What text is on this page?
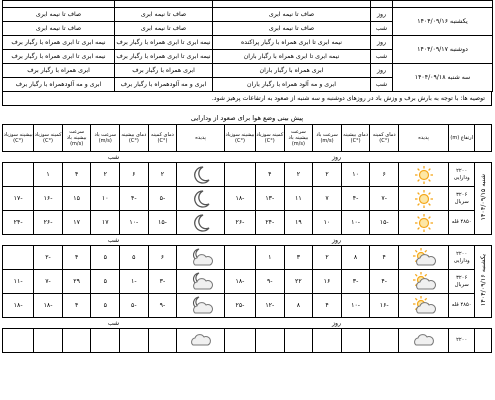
صاف تا نیمه ابری	صاف تا نیمه ابری	صاف تا نیمه ابری	روز	یکشنبه ۱۴۰۴/۰۹/۱۶
صاف تا نیمه ابری	صاف تا نیمه ابری	صاف تا نیمه ابری	شب	
نیمه ابری تا ابری همراه با رگبار برف	نیمه ابری تا ابری همراه با رگبار برف	نیمه ابری تا ابری همراه با رگبار پراکنده	روز	دوشنبه ۱۴۰۴/۰۹/۱۷
نیمه ابری تا ابری همراه با رگبار برف	نیمه ابری تا ابری همراه با رگبار برف	نیمه ابری تا ابری همراه با رگبار باران	شب	
ابری همراه با رگبار برف	ابری همراه با رگبار برف	ابری همراه با رگبار باران	روز	سه شنبه ۱۴۰۴/۰۹/۱۸
ابری و مه آلودهمراه با رگبار برف	ابری و مه آلودهمراه با رگبار برف	ابری و مه آلود همراه با رگبار باران	شب	
توصیه ها: با توجه به بارش برف و وزش باد در روزهای دوشنبه و سه شنبه از صعود به ارتفاعات پرهیز شود.
پیش بینی وضع هوا برای صعود از ودارایی
	ارتفاع (m)	پدیده	دمای کمینه (°C)	دمای بیشینه (°C)	سرعت باد (m/s)	سرعت بیشینه باد (m/s)	کمینه سوزباد (°C)	بیشینه سوزباد (°C)	پدیده	دمای کمینه (°C)	دمای بیشینه (°C)	سرعت باد (m/s)	سرعت بیشینه باد (m/s)	کمینه سوزباد (°C)	بیشینه سوزباد (°C)
		روز							شب						
شنبه ۱۴۰۴/۰۹/۱۵	۲۲۰۰ ودارایی		۶	۱۰	۲	۲	۴			۲	۶	۲	۴	۱	
	۳۲۰۶ سربال		-۷	-۴	۷	۱۱	-۱۳	-۱۸		-۵	-۴	۱۰	۱۵	-۱۶	-۱۷
	۴۸۵۰ قله		-۱۵	-۱۰	۱۰	۱۹	-۲۴	-۲۶		-۱۵	-۱۰	۱۷	۱۷	-۲۶	-۲۴
		روز							شب						
یکشنبه ۱۴۰۴/۰۹/۱۶	۲۲۰۰ ودارایی		۴	۸	۲	۳	۱			۶	۵	۵	۴	-۲	
	۳۲۰۶ سربال		-۴	-۳	۱۶	۲۲	-۹	-۱۸		-۳	-۱	۵	۲۹	-۷	-۱۱
	۴۸۵۰ قله		-۱۶	-۱۰	۴	۸	-۱۲	-۲۵		-۹	-۵	۵	۴	-۱۸	-۱۸
		روز							شب						
	۲۲۰۰														
